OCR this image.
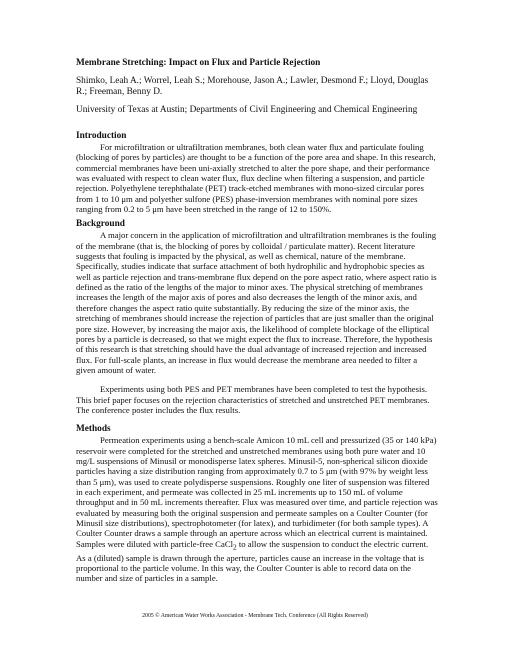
Membrane Stretching: Impact on Flux and Particle Rejection
Shimko, Leah A.; Worrel, Leah S.; Morehouse, Jason A.; Lawler, Desmond F.; Lloyd, Douglas R.; Freeman, Benny D.
University of Texas at Austin; Departments of Civil Engineering and Chemical Engineering
Introduction

For microfiltration or ultrafiltration membranes, both clean water flux and particulate fouling (blocking of pores by particles) are thought to be a function of the pore area and shape. In this research, commercial membranes have been uni-axially stretched to alter the pore shape, and their performance was evaluated with respect to clean water flux, flux decline when filtering a suspension, and particle rejection. Polyethylene terephthalate (PET) track-etched membranes with mono-sized circular pores from 1 to 10 μm and polyether sulfone (PES) phase-inversion membranes with nominal pore sizes ranging from 0.2 to 5 μm have been stretched in the range of 12 to 150%.

Background

A major concern in the application of microfiltration and ultrafiltration membranes is the fouling of the membrane (that is, the blocking of pores by colloidal / particulate matter). Recent literature suggests that fouling is impacted by the physical, as well as chemical, nature of the membrane. Specifically, studies indicate that surface attachment of both hydrophilic and hydrophobic species as well as particle rejection and trans-membrane flux depend on the pore aspect ratio, where aspect ratio is defined as the ratio of the lengths of the major to minor axes. The physical stretching of membranes increases the length of the major axis of pores and also decreases the length of the minor axis, and therefore changes the aspect ratio quite substantially. By reducing the size of the minor axis, the stretching of membranes should increase the rejection of particles that are just smaller than the original pore size. However, by increasing the major axis, the likelihood of complete blockage of the elliptical pores by a particle is decreased, so that we might expect the flux to increase. Therefore, the hypothesis of this research is that stretching should have the dual advantage of increased rejection and increased flux. For full-scale plants, an increase in flux would decrease the membrane area needed to filter a given amount of water.

Experiments using both PES and PET membranes have been completed to test the hypothesis. This brief paper focuses on the rejection characteristics of stretched and unstretched PET membranes. The conference poster includes the flux results.

Methods

Permeation experiments using a bench-scale Amicon 10 mL cell and pressurized (35 or 140 kPa) reservoir were completed for the stretched and unstretched membranes using both pure water and 10 mg/L suspensions of Minusil or monodisperse latex spheres. Minusil-5, non-spherical silicon dioxide particles having a size distribution ranging from approximately 0.7 to 5 μm (with 97% by weight less than 5 μm), was used to create polydisperse suspensions. Roughly one liter of suspension was filtered in each experiment, and permeate was collected in 25 mL increments up to 150 mL of volume throughput and in 50 mL increments thereafter. Flux was measured over time, and particle rejection was evaluated by measuring both the original suspension and permeate samples on a Coulter Counter (for Minusil size distributions), spectrophotometer (for latex), and turbidimeter (for both sample types). A Coulter Counter draws a sample through an aperture across which an electrical current is maintained. Samples were diluted with particle-free CaCl$_2$ to allow the suspension to conduct the electric current. As a (diluted) sample is drawn through the aperture, particles cause an increase in the voltage that is proportional to the particle volume. In this way, the Coulter Counter is able to record data on the number and size of particles in a sample.

2005 © American Water Works Association - Membrane Tech. Conference (All Rights Reserved)
